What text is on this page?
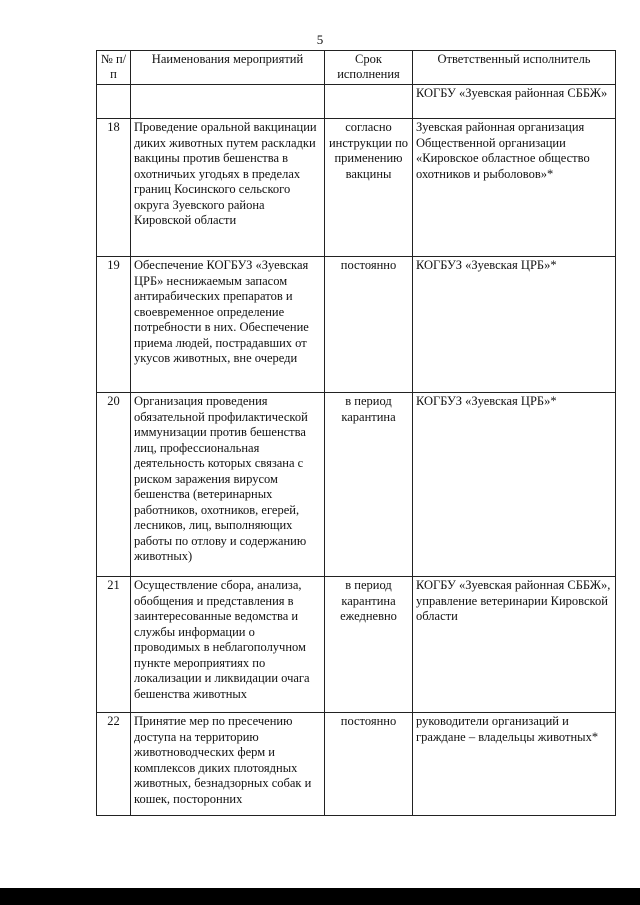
5
№ п/п	Наименования мероприятий	Срок исполнения	Ответственный исполнитель
			КОГБУ «Зуевская районная СББЖ»
18	Проведение оральной вакцинации диких животных путем раскладки вакцины против бешенства в охотничьих угодьях в пределах границ Косинского сельского округа Зуевского района Кировской области	согласно инструкции по применению вакцины	Зуевская районная организация Общественной организации «Кировское областное общество охотников и рыболовов»*
19	Обеспечение КОГБУЗ «Зуевская ЦРБ» неснижаемым запасом антирабических препаратов и своевременное определение потребности в них. Обеспечение приема людей, пострадавших от укусов животных, вне очереди	постоянно	КОГБУЗ «Зуевская ЦРБ»*
20	Организация проведения обязательной профилактической иммунизации против бешенства лиц, профессиональная деятельность которых связана с риском заражения вирусом бешенства (ветеринарных работников, охотников, егерей, лесников, лиц, выполняющих работы по отлову и содержанию животных)	в период карантина	КОГБУЗ «Зуевская ЦРБ»*
21	Осуществление сбора, анализа, обобщения и представления в заинтересованные ведомства и службы информации о проводимых в неблагополучном пункте мероприятиях по локализации и ликвидации очага бешенства животных	в период карантина ежедневно	КОГБУ «Зуевская районная СББЖ», управление ветеринарии Кировской области
22	Принятие мер по пресечению доступа на территорию животноводческих ферм и комплексов диких плотоядных животных, безнадзорных собак и кошек, посторонних	постоянно	руководители организаций и граждане – владельцы животных*
